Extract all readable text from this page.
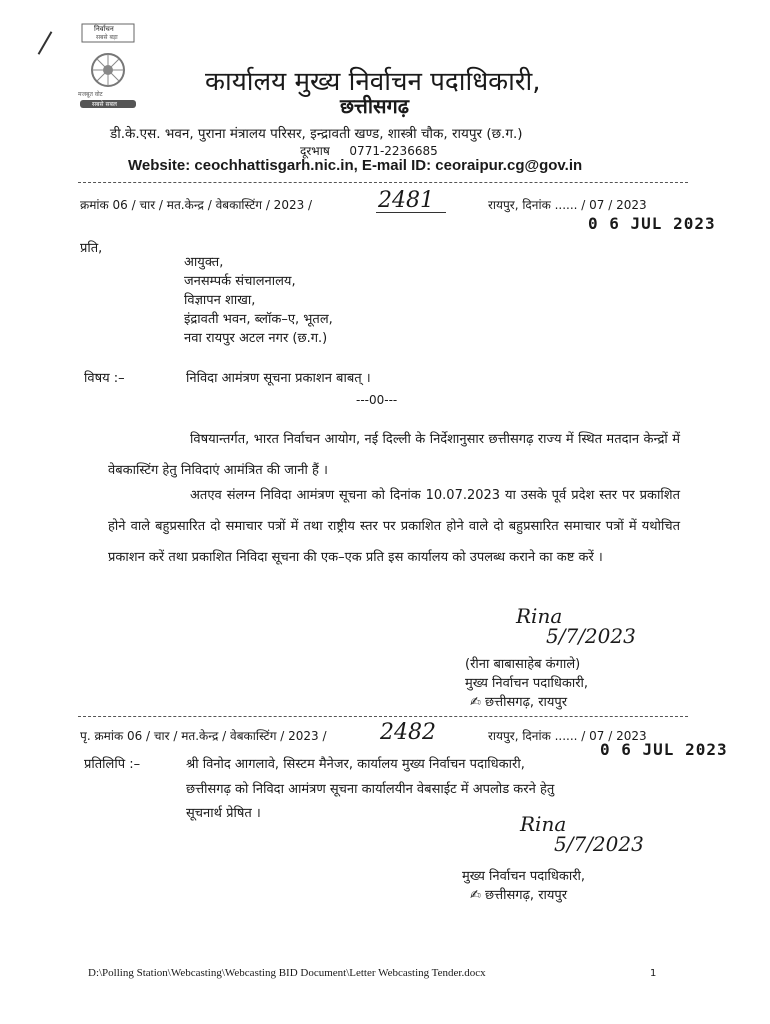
निर्वाचन
सबसे बड़ा
मजबूत वोट
सबसे सबल
कार्यालय मुख्य निर्वाचन पदाधिकारी,
छत्तीसगढ़
डी.के.एस. भवन, पुराना मंत्रालय परिसर, इन्द्रावती खण्ड, शास्त्री चौक, रायपुर (छ.ग.)
दूरभाष 0771-2236685
Website: ceochhattisgarh.nic.in, E-mail ID: ceoraipur.cg@gov.in
क्रमांक 06 / चार / मत.केन्द्र / वेबकास्टिंग / 2023 /	2481	रायपुर, दिनांक ...... / 07 / 2023
0 6 JUL 2023
प्रति,
आयुक्त,
जनसम्पर्क संचालनालय,
विज्ञापन शाखा,
इंद्रावती भवन, ब्लॉक–ए, भूतल,
नवा रायपुर अटल नगर (छ.ग.)
विषय :–	निविदा आमंत्रण सूचना प्रकाशन बाबत् ।
---00---
विषयान्तर्गत, भारत निर्वाचन आयोग, नई दिल्ली के निर्देशानुसार छत्तीसगढ़ राज्य में स्थित मतदान केन्द्रों में वेबकास्टिंग हेतु निविदाएं आमंत्रित की जानी हैं ।
अतएव संलग्न निविदा आमंत्रण सूचना को दिनांक 10.07.2023 या उसके पूर्व प्रदेश स्तर पर प्रकाशित होने वाले बहुप्रसारित दो समाचार पत्रों में तथा राष्ट्रीय स्तर पर प्रकाशित होने वाले दो बहुप्रसारित समाचार पत्रों में यथोचित प्रकाशन करें तथा प्रकाशित निविदा सूचना की एक–एक प्रति इस कार्यालय को उपलब्ध कराने का कष्ट करें ।
Rina
5/7/2023
(रीना बाबासाहेब कंगाले)
मुख्य निर्वाचन पदाधिकारी,
✍ छत्तीसगढ़, रायपुर
पृ. क्रमांक 06 / चार / मत.केन्द्र / वेबकास्टिंग / 2023 / 2482	रायपुर, दिनांक ...... / 07 / 2023
0 6 JUL 2023
प्रतिलिपि :–	श्री विनोद आगलावे, सिस्टम मैनेजर, कार्यालय मुख्य निर्वाचन पदाधिकारी,
छत्तीसगढ़ को निविदा आमंत्रण सूचना कार्यालयीन वेबसाईट में अपलोड करने हेतु
सूचनार्थ प्रेषित ।	Rina
5/7/2023
मुख्य निर्वाचन पदाधिकारी,
✍ छत्तीसगढ़, रायपुर
D:\Polling Station\Webcasting\Webcasting BID Document\Letter Webcasting Tender.docx	1
